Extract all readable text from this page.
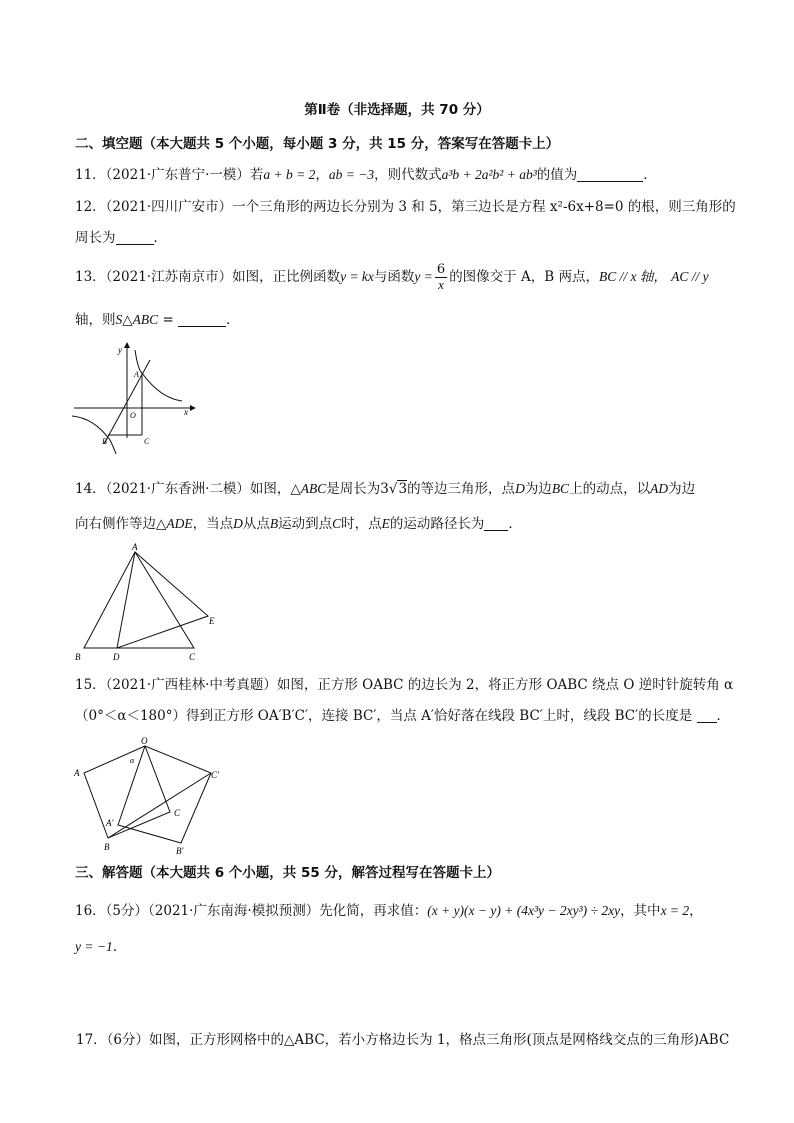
第Ⅱ卷（非选择题，共 70 分）
二、填空题（本大题共 5 个小题，每小题 3 分，共 15 分，答案写在答题卡上）
11．（2021·广东普宁·一模）若a + b = 2，ab = −3，则代数式a³b + 2a²b² + ab³的值为	．
12．（2021·四川广安市）一个三角形的两边长分别为 3 和 5，第三边长是方程 x²-6x+8=0 的根，则三角形的
周长为	．
13．（2021·江苏南京市）如图，正比例函数y = kx与函数$y = \frac{6}{x}$ 的图像交于 A，B 两点，BC // x 轴， AC // y
轴，则S△ABC =	．
y
A
O	x
B	C
14．（2021·广东香洲·二模）如图，△ABC是周长为3√3的等边三角形，点D为边BC上的动点，以AD为边
向右侧作等边△ADE，当点D从点B运动到点C时，点E的运动路径长为 ．
A
E
B	D	C
15．（2021·广西桂林·中考真题）如图，正方形 OABC 的边长为 2，将正方形 OABC 绕点 O 逆时针旋转角 α
（0°＜α＜180°）得到正方形 OA′B′C′，连接 BC′，当点 A′恰好落在线段 BC′上时，线段 BC′的长度是 ．
O
α
A	C′
A′
C
B	B′
三、解答题（本大题共 6 个小题，共 55 分，解答过程写在答题卡上）
16．（5分）（2021·广东南海·模拟预测）先化简，再求值：(x + y)(x − y) + (4x³y − 2xy³) ÷ 2xy，其中x = 2，
y = −1.
17．（6分）如图，正方形网格中的△ABC，若小方格边长为 1，格点三角形(顶点是网格线交点的三角形)ABC
